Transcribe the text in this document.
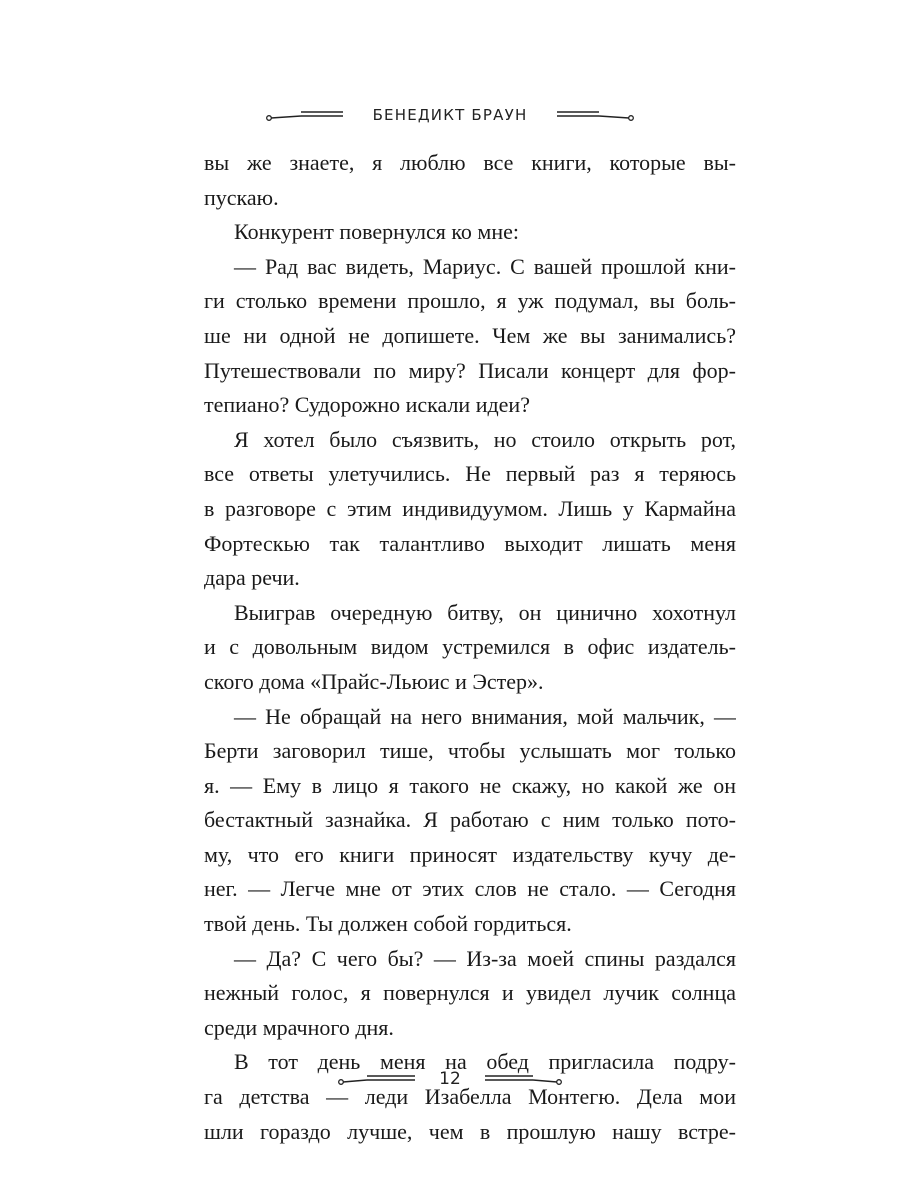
БЕНЕДИКТ БРАУН
вы же знаете, я люблю все книги, которые вы-
пускаю.
Конкурент повернулся ко мне:
— Рад вас видеть, Мариус. С вашей прошлой кни-
ги столько времени прошло, я уж подумал, вы боль-
ше ни одной не допишете. Чем же вы занимались?
Путешествовали по миру? Писали концерт для фор-
тепиано? Судорожно искали идеи?
Я хотел было съязвить, но стоило открыть рот,
все ответы улетучились. Не первый раз я теряюсь
в разговоре с этим индивидуумом. Лишь у Кармайна
Фортескью так талантливо выходит лишать меня
дара речи.
Выиграв очередную битву, он цинично хохотнул
и с довольным видом устремился в офис издатель-
ского дома «Прайс-Льюис и Эстер».
— Не обращай на него внимания, мой мальчик, —
Берти заговорил тише, чтобы услышать мог только
я. — Ему в лицо я такого не скажу, но какой же он
бестактный зазнайка. Я работаю с ним только пото-
му, что его книги приносят издательству кучу де-
нег. — Легче мне от этих слов не стало. — Сегодня
твой день. Ты должен собой гордиться.
— Да? С чего бы? — Из-за моей спины раздался
нежный голос, я повернулся и увидел лучик солнца
среди мрачного дня.
В тот день меня на обед пригласила подру-
га детства — леди Изабелла Монтегю. Дела мои
шли гораздо лучше, чем в прошлую нашу встре-
12
